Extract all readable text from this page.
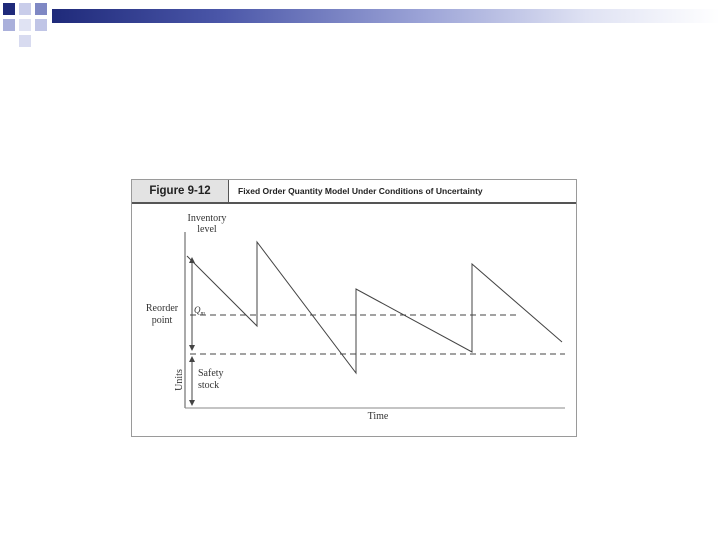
Figure 9-12	Fixed Order Quantity Model Under Conditions of Uncertainty
Inventory
level
Reorder
point
$Q_m$
Safety
stock
Units
Time
